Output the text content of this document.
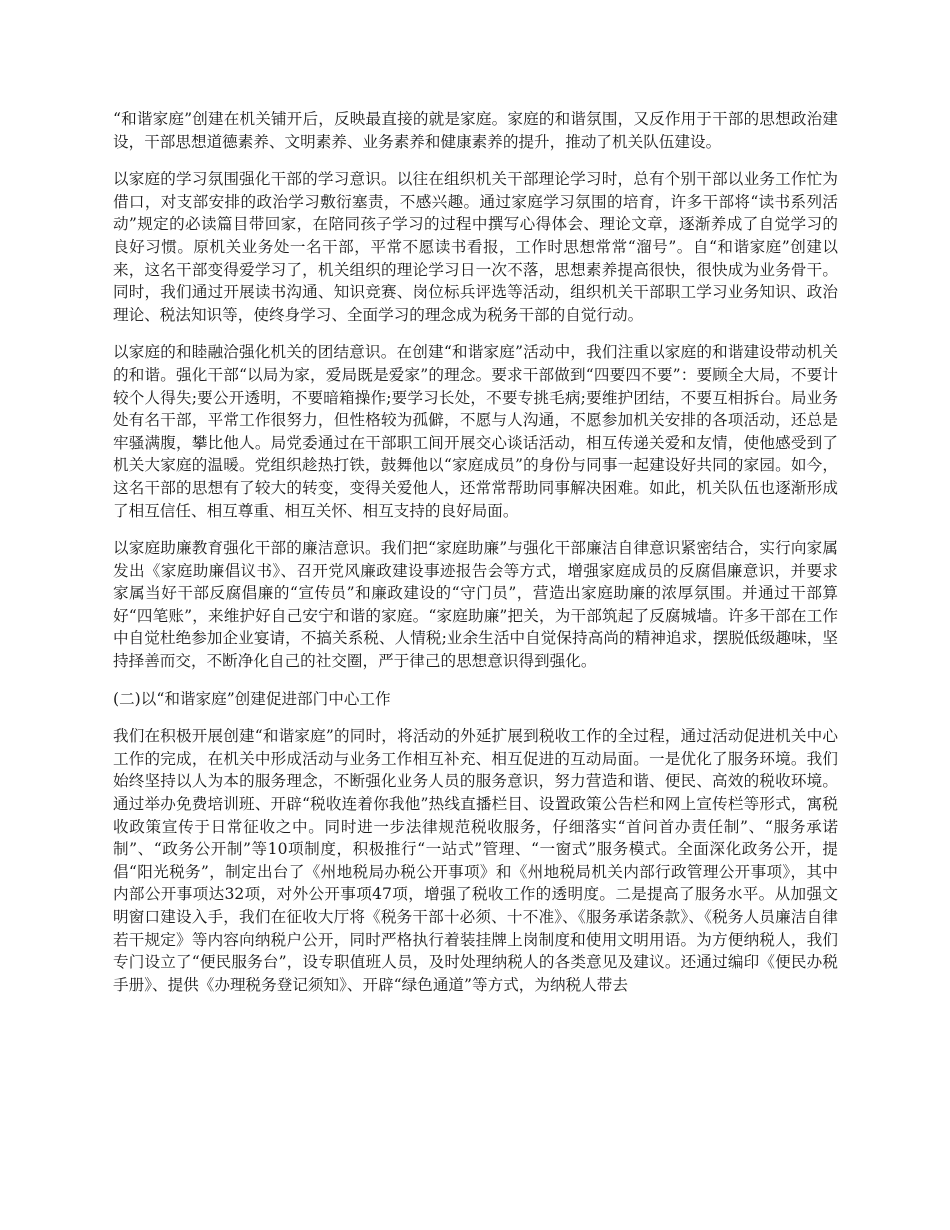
“和谐家庭”创建在机关铺开后，反映最直接的就是家庭。家庭的和谐氛围，又反作用于干部的思想政治建设，干部思想道德素养、文明素养、业务素养和健康素养的提升，推动了机关队伍建设。

以家庭的学习氛围强化干部的学习意识。以往在组织机关干部理论学习时，总有个别干部以业务工作忙为借口，对支部安排的政治学习敷衍塞责，不感兴趣。通过家庭学习氛围的培育，许多干部将“读书系列活动”规定的必读篇目带回家，在陪同孩子学习的过程中撰写心得体会、理论文章，逐渐养成了自觉学习的良好习惯。原机关业务处一名干部，平常不愿读书看报，工作时思想常常“溜号”。自“和谐家庭”创建以来，这名干部变得爱学习了，机关组织的理论学习日一次不落，思想素养提高很快，很快成为业务骨干。同时，我们通过开展读书沟通、知识竞赛、岗位标兵评选等活动，组织机关干部职工学习业务知识、政治理论、税法知识等，使终身学习、全面学习的理念成为税务干部的自觉行动。

以家庭的和睦融洽强化机关的团结意识。在创建“和谐家庭”活动中，我们注重以家庭的和谐建设带动机关的和谐。强化干部“以局为家，爱局既是爱家”的理念。要求干部做到“四要四不要”：要顾全大局，不要计较个人得失;要公开透明，不要暗箱操作;要学习长处，不要专挑毛病;要维护团结，不要互相拆台。局业务处有名干部，平常工作很努力，但性格较为孤僻，不愿与人沟通，不愿参加机关安排的各项活动，还总是牢骚满腹，攀比他人。局党委通过在干部职工间开展交心谈话活动，相互传递关爱和友情，使他感受到了机关大家庭的温暖。党组织趁热打铁，鼓舞他以“家庭成员”的身份与同事一起建设好共同的家园。如今，这名干部的思想有了较大的转变，变得关爱他人，还常常帮助同事解决困难。如此，机关队伍也逐渐形成了相互信任、相互尊重、相互关怀、相互支持的良好局面。

以家庭助廉教育强化干部的廉洁意识。我们把“家庭助廉”与强化干部廉洁自律意识紧密结合，实行向家属发出《家庭助廉倡议书》、召开党风廉政建设事迹报告会等方式，增强家庭成员的反腐倡廉意识，并要求家属当好干部反腐倡廉的“宣传员”和廉政建设的“守门员”，营造出家庭助廉的浓厚氛围。并通过干部算好“四笔账”，来维护好自己安宁和谐的家庭。“家庭助廉”把关，为干部筑起了反腐城墙。许多干部在工作中自觉杜绝参加企业宴请，不搞关系税、人情税;业余生活中自觉保持高尚的精神追求，摆脱低级趣味，坚持择善而交，不断净化自己的社交圈，严于律己的思想意识得到强化。

(二)以“和谐家庭”创建促进部门中心工作

我们在积极开展创建“和谐家庭”的同时，将活动的外延扩展到税收工作的全过程，通过活动促进机关中心工作的完成，在机关中形成活动与业务工作相互补充、相互促进的互动局面。一是优化了服务环境。我们始终坚持以人为本的服务理念，不断强化业务人员的服务意识，努力营造和谐、便民、高效的税收环境。通过举办免费培训班、开辟“税收连着你我他”热线直播栏目、设置政策公告栏和网上宣传栏等形式，寓税收政策宣传于日常征收之中。同时进一步法律规范税收服务，仔细落实“首问首办责任制”、“服务承诺制”、“政务公开制”等10项制度，积极推行“一站式”管理、“一窗式”服务模式。全面深化政务公开，提倡“阳光税务”，制定出台了《州地税局办税公开事项》和《州地税局机关内部行政管理公开事项》，其中内部公开事项达32项，对外公开事项47项，增强了税收工作的透明度。二是提高了服务水平。从加强文明窗口建设入手，我们在征收大厅将《税务干部十必须、十不准》、《服务承诺条款》、《税务人员廉洁自律若干规定》等内容向纳税户公开，同时严格执行着装挂牌上岗制度和使用文明用语。为方便纳税人，我们专门设立了“便民服务台”，设专职值班人员，及时处理纳税人的各类意见及建议。还通过编印《便民办税手册》、提供《办理税务登记须知》、开辟“绿色通道”等方式，为纳税人带去
